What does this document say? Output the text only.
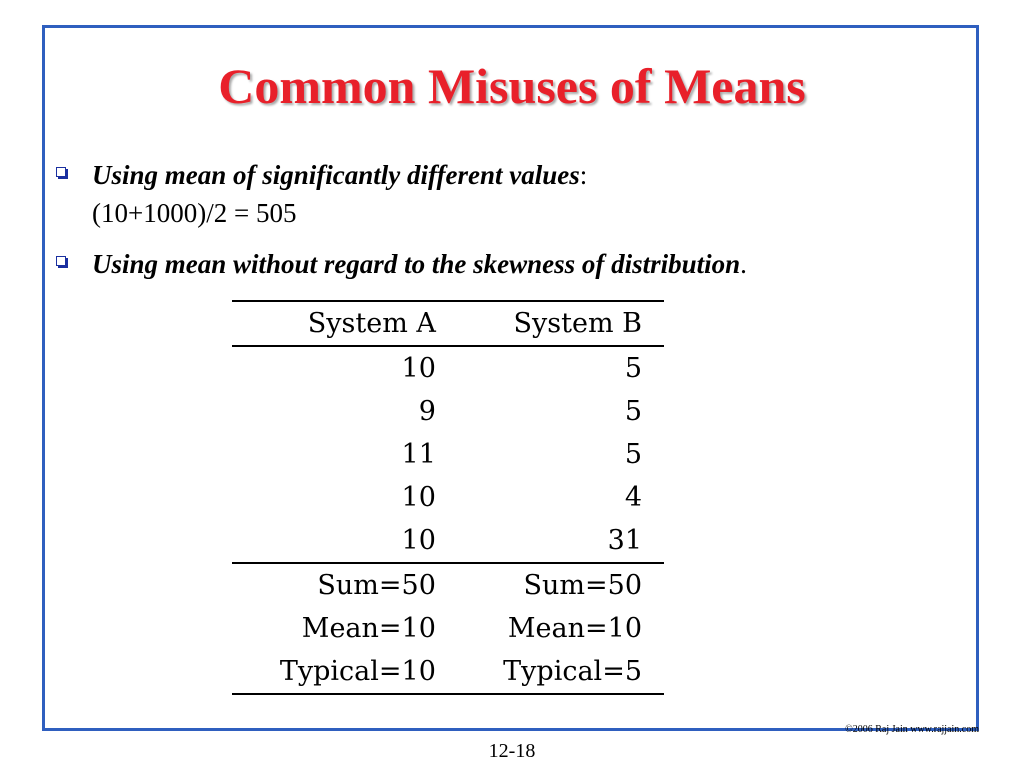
Common Misuses of Means
Using mean of significantly different values:
(10+1000)/2 = 505
Using mean without regard to the skewness of distribution.
System A	System B
10	5
9	5
11	5
10	4
10	31
Sum=50	Sum=50
Mean=10	Mean=10
Typical=10	Typical=5
©2006 Raj Jain www.rajjain.com
12-18
